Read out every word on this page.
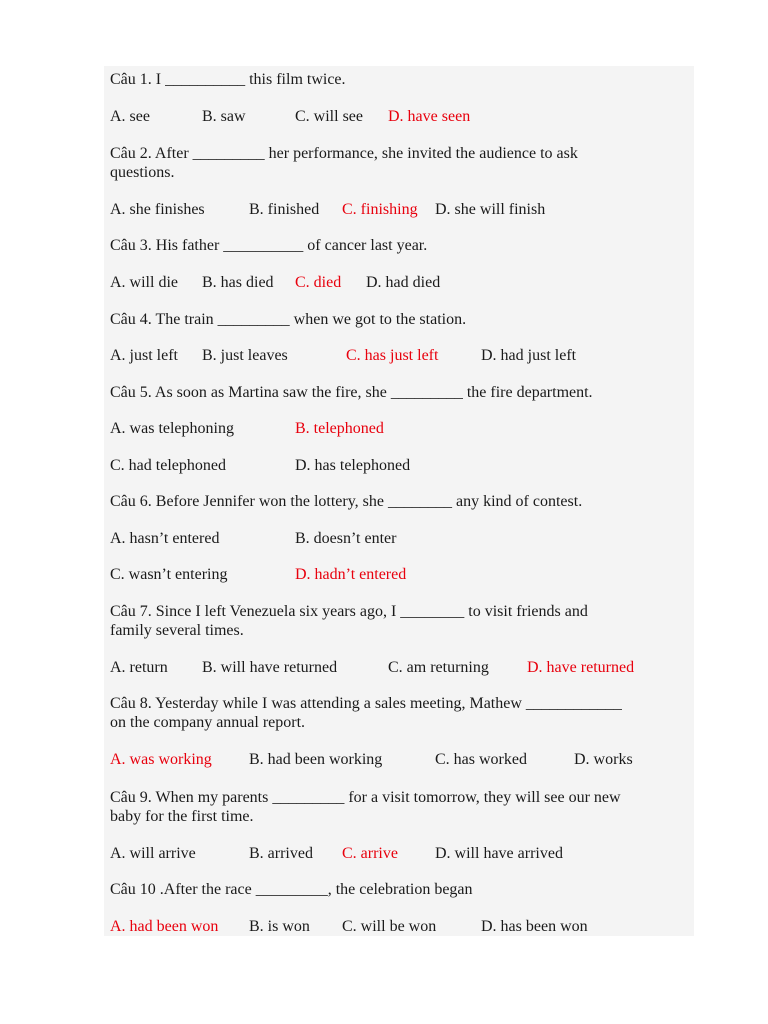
Câu 1. I __________ this film twice.
A. see	B. saw	C. will see D. have seen
Câu 2. After _________ her performance, she invited the audience to ask
questions.
A. she finishes	B. finished C. finishing D. she will finish
Câu 3. His father __________ of cancer last year.
A. will die B. has died C. died D. had died
Câu 4. The train _________ when we got to the station.
A. just left B. just leaves	C. has just left	D. had just left
Câu 5. As soon as Martina saw the fire, she _________ the fire department.
A. was telephoning	B. telephoned
C. had telephoned	D. has telephoned
Câu 6. Before Jennifer won the lottery, she ________ any kind of contest.
A. hasn’t entered	B. doesn’t enter
C. wasn’t entering	D. hadn’t entered
Câu 7. Since I left Venezuela six years ago, I ________ to visit friends and
family several times.
A. return B. will have returned	C. am returning D. have returned
Câu 8. Yesterday while I was attending a sales meeting, Mathew ____________
on the company annual report.
A. was working B. had been working	C. has worked	D. works
Câu 9. When my parents _________ for a visit tomorrow, they will see our new
baby for the first time.
A. will arrive	B. arrived C. arrive D. will have arrived
Câu 10 .After the race _________, the celebration began
A. had been won B. is won C. will be won	D. has been won
